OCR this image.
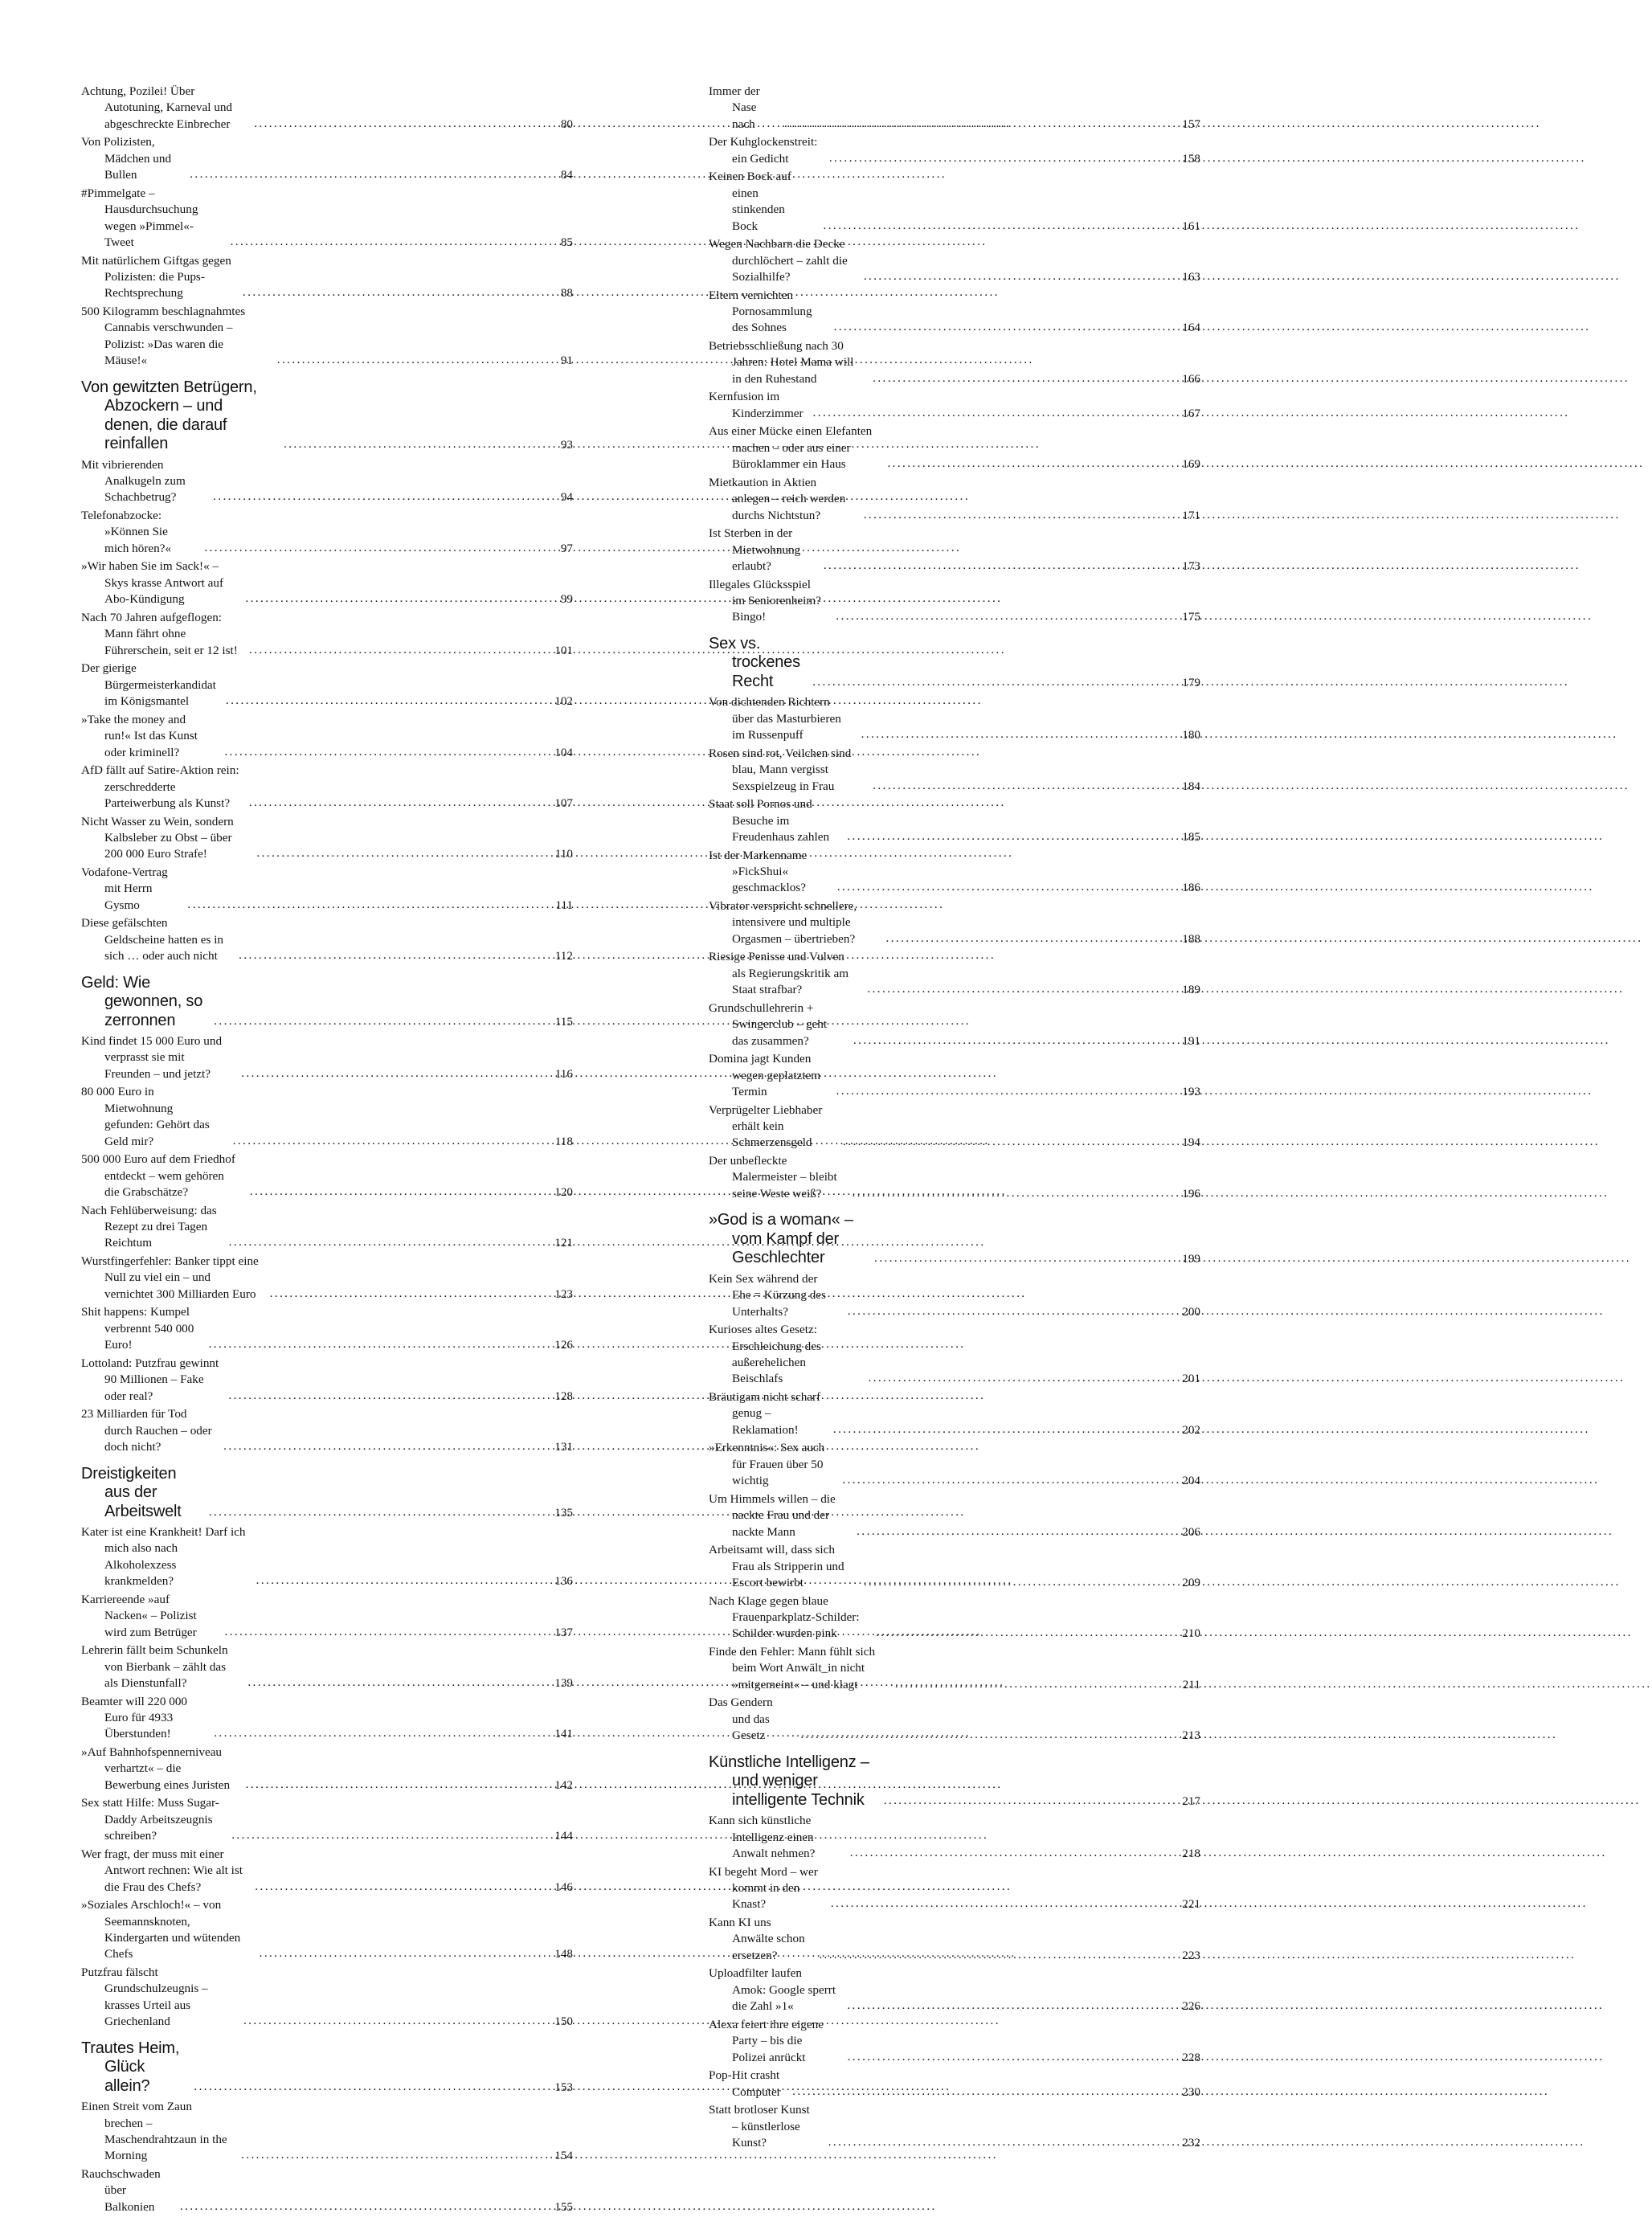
Achtung, Pozilei! Über Autotuning, Karneval und abgeschreckte Einbrecher .....	80
Von Polizisten, Mädchen und Bullen .....	84
#Pimmelgate – Hausdurchsuchung wegen »Pimmel«-Tweet .....	85
Mit natürlichem Giftgas gegen Polizisten: die Pups-Rechtsprechung .....	88
500 Kilogramm beschlagnahmtes Cannabis verschwunden – Polizist: »Das waren die Mäuse!« .....	91
Von gewitzten Betrügern, Abzockern – und denen, die darauf reinfallen .....	93
Mit vibrierenden Analkugeln zum Schachbetrug? .....	94
Telefonabzocke: »Können Sie mich hören?« .....	97
»Wir haben Sie im Sack!« – Skys krasse Antwort auf Abo-Kündigung .....	99
Nach 70 Jahren aufgeflogen: Mann fährt ohne Führerschein, seit er 12 ist! .....	101
Der gierige Bürgermeisterkandidat im Königsmantel .....	102
»Take the money and run!« Ist das Kunst oder kriminell? .....	104
AfD fällt auf Satire-Aktion rein: zerschredderte Parteiwerbung als Kunst? .....	107
Nicht Wasser zu Wein, sondern Kalbsleber zu Obst – über 200 000 Euro Strafe! .....	110
Vodafone-Vertrag mit Herrn Gysmo .....	111
Diese gefälschten Geldscheine hatten es in sich … oder auch nicht .....	112
Geld: Wie gewonnen, so zerronnen .....	115
Kind findet 15 000 Euro und verprasst sie mit Freunden – und jetzt? .....	116
80 000 Euro in Mietwohnung gefunden: Gehört das Geld mir? .....	118
500 000 Euro auf dem Friedhof entdeckt – wem gehören die Grabschätze? .....	120
Nach Fehlüberweisung: das Rezept zu drei Tagen Reichtum .....	121
Wurstfingerfehler: Banker tippt eine Null zu viel ein – und vernichtet 300 Milliarden Euro .....	123
Shit happens: Kumpel verbrennt 540 000 Euro! .....	126
Lottoland: Putzfrau gewinnt 90 Millionen – Fake oder real? .....	128
23 Milliarden für Tod durch Rauchen – oder doch nicht? .....	131
Dreistigkeiten aus der Arbeitswelt .....	135
Kater ist eine Krankheit! Darf ich mich also nach Alkoholexzess krankmelden? .....	136
Karriereende »auf Nacken« – Polizist wird zum Betrüger .....	137
Lehrerin fällt beim Schunkeln von Bierbank – zählt das als Dienstunfall? .....	139
Beamter will 220 000 Euro für 4933 Überstunden! .....	141
»Auf Bahnhofspennerniveau verhartzt« – die Bewerbung eines Juristen .....	142
Sex statt Hilfe: Muss Sugar-Daddy Arbeitszeugnis schreiben? .....	144
Wer fragt, der muss mit einer Antwort rechnen: Wie alt ist die Frau des Chefs? .....	146
»Soziales Arschloch!« – von Seemannsknoten, Kindergarten und wütenden Chefs .....	148
Putzfrau fälscht Grundschulzeugnis – krasses Urteil aus Griechenland .....	150
Trautes Heim, Glück allein? .....	153
Einen Streit vom Zaun brechen – Maschendrahtzaun in the Morning .....	154
Rauchschwaden über Balkonien .....	155
Immer der Nase nach .....	157
Der Kuhglockenstreit: ein Gedicht .....	158
Keinen Bock auf einen stinkenden Bock .....	161
Wegen Nachbarn die Decke durchlöchert – zahlt die Sozialhilfe? .....	163
Eltern vernichten Pornosammlung des Sohnes .....	164
Betriebsschließung nach 30 Jahren: Hotel Mama will in den Ruhestand .....	166
Kernfusion im Kinderzimmer .....	167
Aus einer Mücke einen Elefanten machen – oder aus einer Büroklammer ein Haus .....	169
Mietkaution in Aktien anlegen – reich werden durchs Nichtstun? .....	171
Ist Sterben in der Mietwohnung erlaubt? .....	173
Illegales Glücksspiel im Seniorenheim? Bingo! .....	175
Sex vs. trockenes Recht .....	179
Von dichtenden Richtern über das Masturbieren im Russenpuff .....	180
Rosen sind rot, Veilchen sind blau, Mann vergisst Sexspielzeug in Frau .....	184
Staat soll Pornos und Besuche im Freudenhaus zahlen .....	185
Ist der Markenname »FickShui« geschmacklos? .....	186
Vibrator verspricht schnellere, intensivere und multiple Orgasmen – übertrieben? .....	188
Riesige Penisse und Vulven als Regierungskritik am Staat strafbar? .....	189
Grundschullehrerin + Swingerclub – geht das zusammen? .....	191
Domina jagt Kunden wegen geplatztem Termin .....	193
Verprügelter Liebhaber erhält kein Schmerzensgeld .....	194
Der unbefleckte Malermeister – bleibt seine Weste weiß? .....	196
»God is a woman« – vom Kampf der Geschlechter .....	199
Kein Sex während der Ehe = Kürzung des Unterhalts? .....	200
Kurioses altes Gesetz: Erschleichung des außerehelichen Beischlafs .....	201
Bräutigam nicht scharf genug – Reklamation! .....	202
»Erkenntnis«: Sex auch für Frauen über 50 wichtig .....	204
Um Himmels willen – die nackte Frau und der nackte Mann .....	206
Arbeitsamt will, dass sich Frau als Stripperin und Escort bewirbt .....	209
Nach Klage gegen blaue Frauenparkplatz-Schilder: Schilder wurden pink .....	210
Finde den Fehler: Mann fühlt sich beim Wort Anwält_in nicht »mitgemeint« – und klagt .....	211
Das Gendern und das Gesetz .....	213
Künstliche Intelligenz – und weniger intelligente Technik .....	217
Kann sich künstliche Intelligenz einen Anwalt nehmen? .....	218
KI begeht Mord – wer kommt in den Knast? .....	221
Kann KI uns Anwälte schon ersetzen? .....	223
Uploadfilter laufen Amok: Google sperrt die Zahl »1« .....	226
Alexa feiert ihre eigene Party – bis die Polizei anrückt .....	228
Pop-Hit crasht Computer .....	230
Statt brotloser Kunst – künstlerlose Kunst? .....	232
